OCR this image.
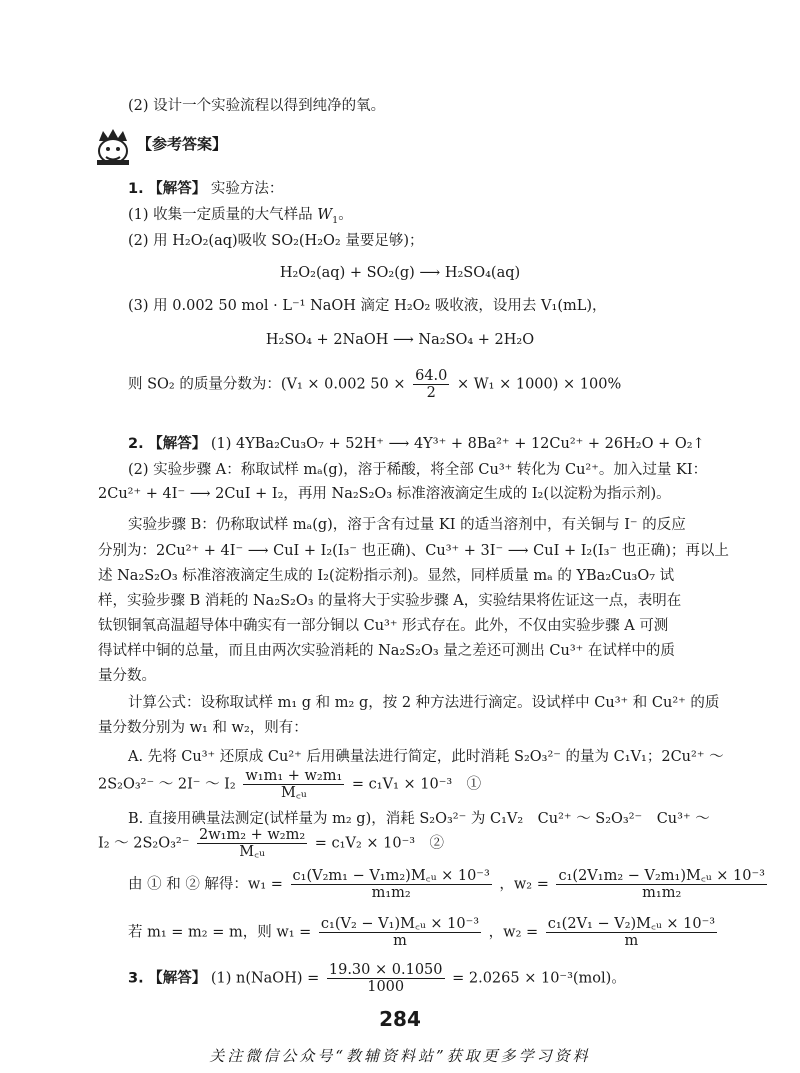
(2) 设计一个实验流程以得到纯净的氧。
【参考答案】
1. 【解答】 实验方法：
(1) 收集一定质量的大气样品 $W_1$。
(2) 用 H₂O₂(aq)吸收 SO₂(H₂O₂ 量要足够)；
H₂O₂(aq) + SO₂(g) ⟶ H₂SO₄(aq)
(3) 用 0.002 50 mol · L⁻¹ NaOH 滴定 H₂O₂ 吸收液，设用去 V₁(mL)，
H₂SO₄ + 2NaOH ⟶ Na₂SO₄ + 2H₂O
则 SO₂ 的质量分数为：(V₁ × 0.002 $50 \times \frac{64.0}{2} \times W_1 \times 1000) \times 100\%$
2. 【解答】 (1) 4YBa₂Cu₃O₇ + 52H⁺ ⟶ 4Y³⁺ + 8Ba²⁺ + 12Cu²⁺ + 26H₂O + O₂↑
(2) 实验步骤 A：称取试样 mₐ(g)，溶于稀酸，将全部 Cu³⁺ 转化为 Cu²⁺。加入过量 KI：
2Cu²⁺ + 4I⁻ ⟶ 2CuI + I₂，再用 Na₂S₂O₃ 标准溶液滴定生成的 I₂(以淀粉为指示剂)。
实验步骤 B：仍称取试样 mₐ(g)，溶于含有过量 KI 的适当溶剂中，有关铜与 I⁻ 的反应
分别为：2Cu²⁺ + 4I⁻ ⟶ CuI + I₂(I₃⁻ 也正确)、Cu³⁺ + 3I⁻ ⟶ CuI + I₂(I₃⁻ 也正确)；再以上
述 Na₂S₂O₃ 标准溶液滴定生成的 I₂(淀粉指示剂)。显然，同样质量 mₐ 的 YBa₂Cu₃O₇ 试
样，实验步骤 B 消耗的 Na₂S₂O₃ 的量将大于实验步骤 A，实验结果将佐证这一点，表明在
钛钡铜氧高温超导体中确实有一部分铜以 Cu³⁺ 形式存在。此外，不仅由实验步骤 A 可测
得试样中铜的总量，而且由两次实验消耗的 Na₂S₂O₃ 量之差还可测出 Cu³⁺ 在试样中的质
量分数。
计算公式：设称取试样 m₁ g 和 m₂ g，按 2 种方法进行滴定。设试样中 Cu³⁺ 和 Cu²⁺ 的质
量分数分别为 w₁ 和 w₂，则有：
A. 先将 Cu³⁺ 还原成 Cu²⁺ 后用碘量法进行简定，此时消耗 S₂O₃²⁻ 的量为 C₁V₁；2Cu²⁺ ～
2S₂O₃²⁻ ～ 2I⁻ ～ $I_2 \frac{\text{w₁m₁ + w₂m₁}}{\text{M꜀ᵤ}} = c_1V_1 \times 10^{-3}$　①
B. 直接用碘量法测定(试样量为 m₂ g)，消耗 S₂O₃²⁻ 为 C₁V₂　Cu²⁺ ～ S₂O₃²⁻　Cu³⁺ ～
I₂ ～ $2S_2O_3^{2-} \frac{\text{2w₁m₂ + w₂m₂}}{\text{M꜀ᵤ}} = c_1V_2 \times 10^{-3}$　②
由 ① 和 ② 解得：$w_1 = \frac{\text{c₁(V₂m₁ − V₁m₂)M꜀ᵤ × 10⁻³}}{\text{m₁m₂}}$ ，$w_2 = \frac{\text{c₁(2V₁m₂ − V₂m₁)M꜀ᵤ × 10⁻³}}{\text{m₁m₂}}$
若 m₁ = m₂ = m，则 $w_1 = \frac{\text{c₁(V₂ − V₁)M꜀ᵤ × 10⁻³}}{m}$ ，$w_2 = \frac{\text{c₁(2V₁ − V₂)M꜀ᵤ × 10⁻³}}{m}$
3. 【解答】 (1) n(NaOH) = $\frac{19.30 \times 0.1050}{1000} = 2.0265 \times 10^{-3}(mol)$。
284
关注微信公众号“教辅资料站”获取更多学习资料
